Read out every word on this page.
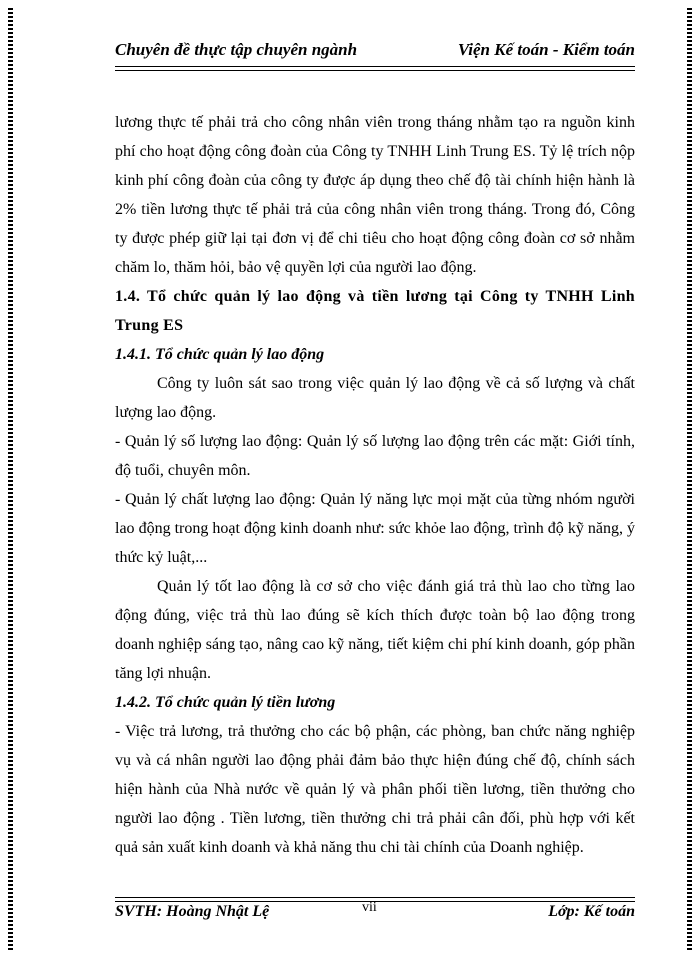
Chuyên đề thực tập chuyên ngành	Viện Kế toán - Kiểm toán

lương thực tế phải trả cho công nhân viên trong tháng nhằm tạo ra nguồn kinh phí cho hoạt động công đoàn của Công ty TNHH Linh Trung ES. Tỷ lệ trích nộp kinh phí công đoàn của công ty được áp dụng theo chế độ tài chính hiện hành là 2% tiền lương thực tế phải trả của công nhân viên trong tháng. Trong đó, Công ty được phép giữ lại tại đơn vị để chi tiêu cho hoạt động công đoàn cơ sở nhằm chăm lo, thăm hỏi, bảo vệ quyền lợi của người lao động.

1.4. Tổ chức quản lý lao động và tiền lương tại Công ty TNHH Linh Trung ES

1.4.1. Tổ chức quản lý lao động

Công ty luôn sát sao trong việc quản lý lao động về cả số lượng và chất lượng lao động.

- Quản lý số lượng lao động: Quản lý số lượng lao động trên các mặt: Giới tính, độ tuổi, chuyên môn.

- Quản lý chất lượng lao động: Quản lý năng lực mọi mặt của từng nhóm người lao động trong hoạt động kinh doanh như: sức khỏe lao động, trình độ kỹ năng, ý thức kỷ luật,...

Quản lý tốt lao động là cơ sở cho việc đánh giá trả thù lao cho từng lao động đúng, việc trả thù lao đúng sẽ kích thích được toàn bộ lao động trong doanh nghiệp sáng tạo, nâng cao kỹ năng, tiết kiệm chi phí kinh doanh, góp phần tăng lợi nhuận.

1.4.2. Tổ chức quản lý tiền lương

- Việc trả lương, trả thưởng cho các bộ phận, các phòng, ban chức năng nghiệp vụ và cá nhân người lao động phải đảm bảo thực hiện đúng chế độ, chính sách hiện hành của Nhà nước về quản lý và phân phối tiền lương, tiền thưởng cho người lao động . Tiền lương, tiền thưởng chi trả phải cân đối, phù hợp với kết quả sản xuất kinh doanh và khả năng thu chi tài chính của Doanh nghiệp.

SVTH: Hoàng Nhật Lệ	vii	Lớp: Kế toán
